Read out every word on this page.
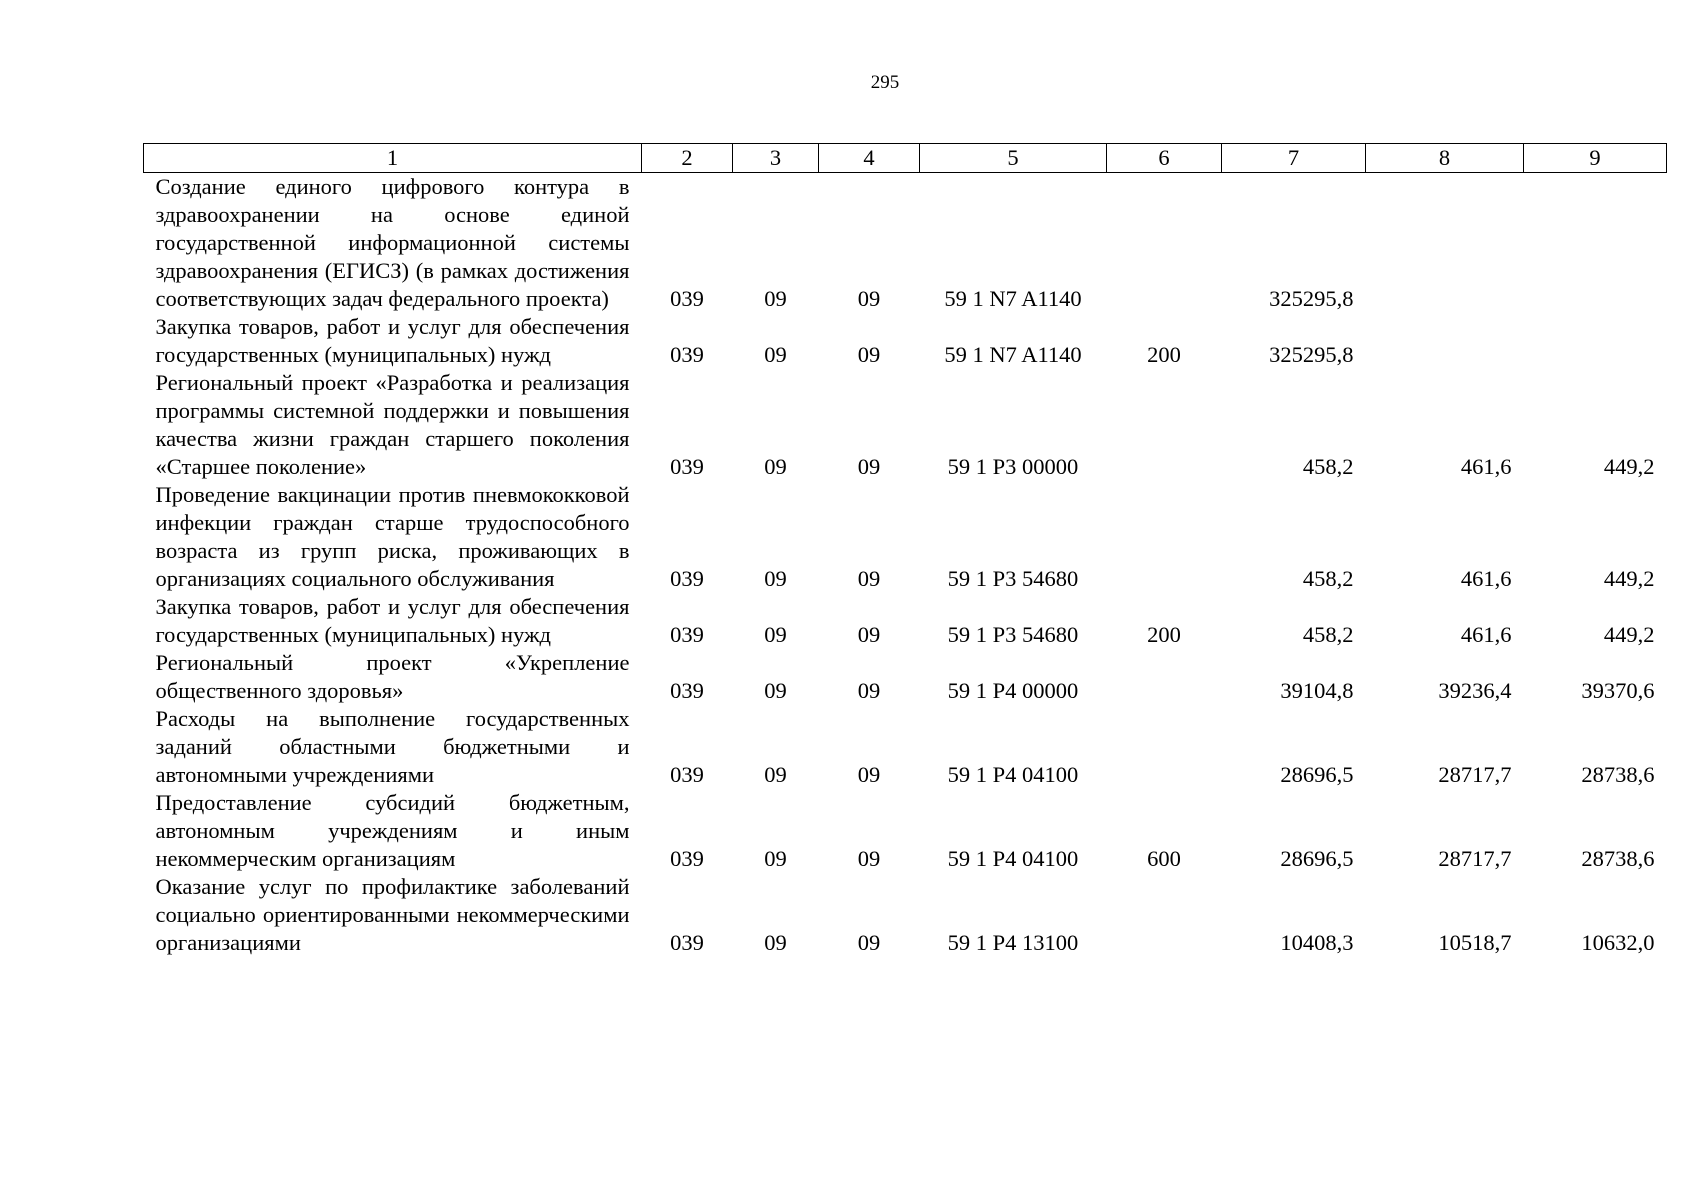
295
1	2	3	4	5	6	7	8	9
Создание единого цифрового контура в здравоохранении на основе единой государственной информационной системы здравоохранения (ЕГИСЗ) (в рамках достижения соответствующих задач федерального проекта)	039	09	09	59 1 N7 A1140		325295,8		
Закупка товаров, работ и услуг для обеспечения государственных (муниципальных) нужд	039	09	09	59 1 N7 A1140	200	325295,8		
Региональный проект «Разработка и реализация программы системной поддержки и повышения качества жизни граждан старшего поколения «Старшее поколение»	039	09	09	59 1 P3 00000		458,2	461,6	449,2
Проведение вакцинации против пневмококковой инфекции граждан старше трудоспособного возраста из групп риска, проживающих в организациях социального обслуживания	039	09	09	59 1 P3 54680		458,2	461,6	449,2
Закупка товаров, работ и услуг для обеспечения государственных (муниципальных) нужд	039	09	09	59 1 P3 54680	200	458,2	461,6	449,2
Региональный проект «Укрепление общественного здоровья»	039	09	09	59 1 P4 00000		39104,8	39236,4	39370,6
Расходы на выполнение государственных заданий областными бюджетными и автономными учреждениями	039	09	09	59 1 P4 04100		28696,5	28717,7	28738,6
Предоставление субсидий бюджетным, автономным учреждениям и иным некоммерческим организациям	039	09	09	59 1 P4 04100	600	28696,5	28717,7	28738,6
Оказание услуг по профилактике заболеваний социально ориентированными некоммерческими организациями	039	09	09	59 1 P4 13100		10408,3	10518,7	10632,0
